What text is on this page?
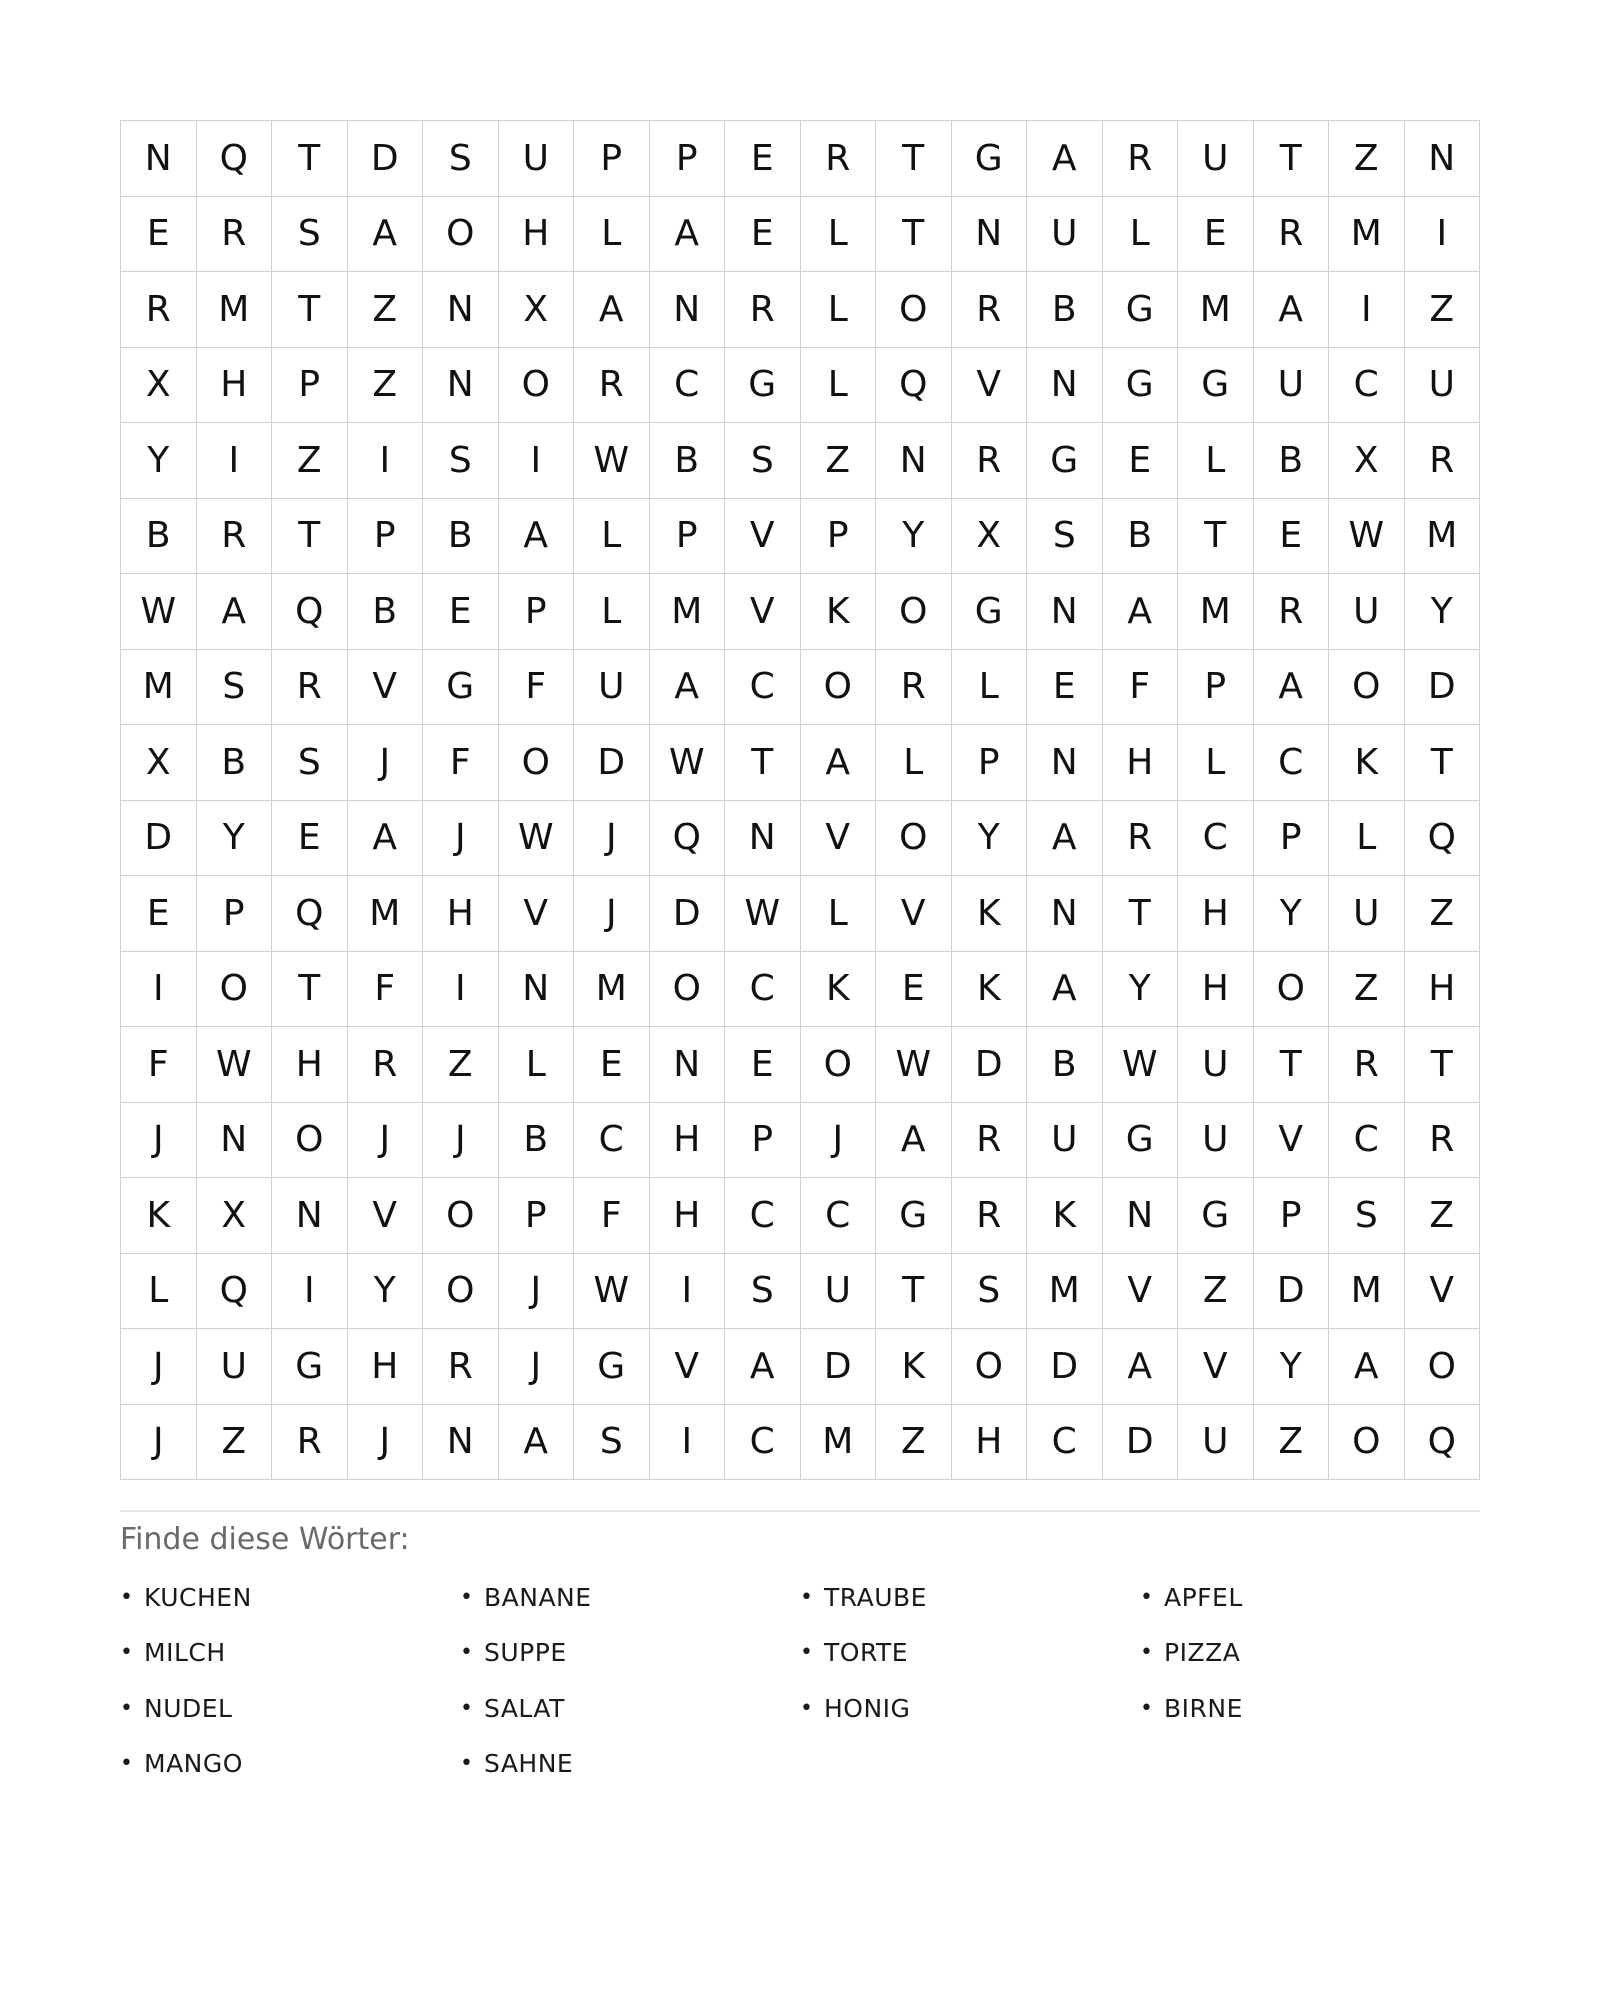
N	Q	T	D	S	U	P	P	E	R	T	G	A	R	U	T	Z	N
E	R	S	A	O	H	L	A	E	L	T	N	U	L	E	R	M	I
R	M	T	Z	N	X	A	N	R	L	O	R	B	G	M	A	I	Z
X	H	P	Z	N	O	R	C	G	L	Q	V	N	G	G	U	C	U
Y	I	Z	I	S	I	W	B	S	Z	N	R	G	E	L	B	X	R
B	R	T	P	B	A	L	P	V	P	Y	X	S	B	T	E	W	M
W	A	Q	B	E	P	L	M	V	K	O	G	N	A	M	R	U	Y
M	S	R	V	G	F	U	A	C	O	R	L	E	F	P	A	O	D
X	B	S	J	F	O	D	W	T	A	L	P	N	H	L	C	K	T
D	Y	E	A	J	W	J	Q	N	V	O	Y	A	R	C	P	L	Q
E	P	Q	M	H	V	J	D	W	L	V	K	N	T	H	Y	U	Z
I	O	T	F	I	N	M	O	C	K	E	K	A	Y	H	O	Z	H
F	W	H	R	Z	L	E	N	E	O	W	D	B	W	U	T	R	T
J	N	O	J	J	B	C	H	P	J	A	R	U	G	U	V	C	R
K	X	N	V	O	P	F	H	C	C	G	R	K	N	G	P	S	Z
L	Q	I	Y	O	J	W	I	S	U	T	S	M	V	Z	D	M	V
J	U	G	H	R	J	G	V	A	D	K	O	D	A	V	Y	A	O
J	Z	R	J	N	A	S	I	C	M	Z	H	C	D	U	Z	O	Q
Finde diese Wörter:
• KUCHEN	• BANANE	• TRAUBE	• APFEL
• MILCH	• SUPPE	• TORTE	• PIZZA
• NUDEL	• SALAT	• HONIG	• BIRNE
• MANGO	• SAHNE
